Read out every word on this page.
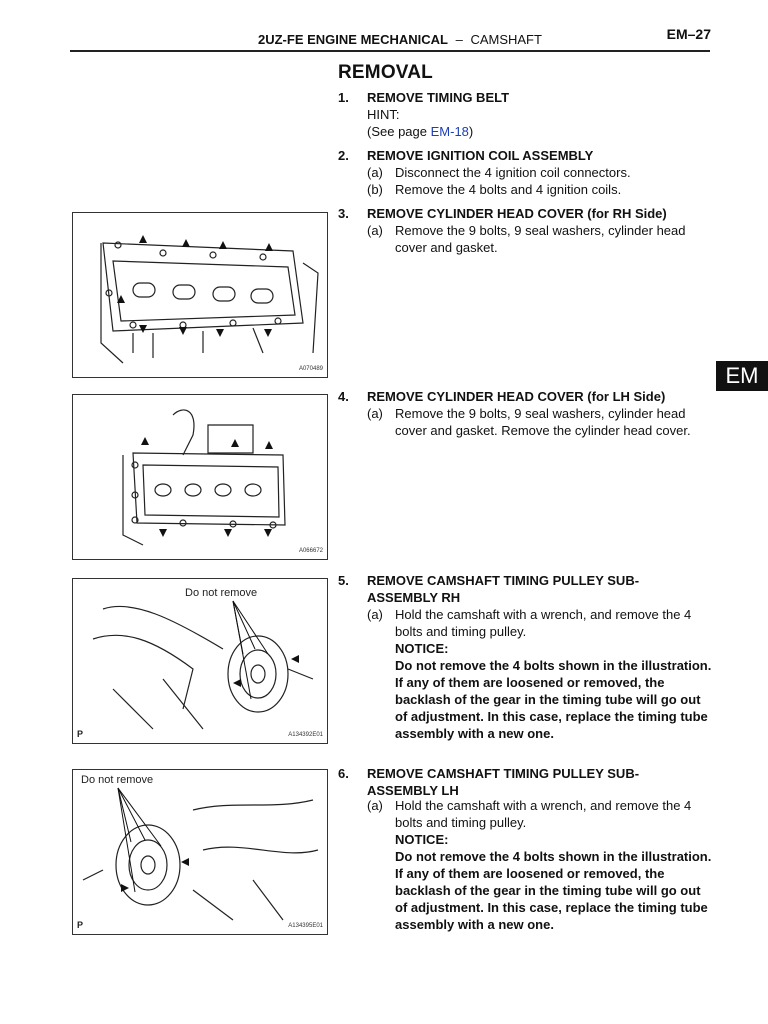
2UZ-FE ENGINE MECHANICAL – CAMSHAFT	EM–27
EM
REMOVAL
1. REMOVE TIMING BELT
HINT:
(See page EM-18)
2. REMOVE IGNITION COIL ASSEMBLY
(a) Disconnect the 4 ignition coil connectors.
(b) Remove the 4 bolts and 4 ignition coils.
3. REMOVE CYLINDER HEAD COVER (for RH Side)
(a) Remove the 9 bolts, 9 seal washers, cylinder head cover and gasket.
4. REMOVE CYLINDER HEAD COVER (for LH Side)
(a) Remove the 9 bolts, 9 seal washers, cylinder head cover and gasket. Remove the cylinder head cover.
5. REMOVE CAMSHAFT TIMING PULLEY SUB-
ASSEMBLY RH
(a) Hold the camshaft with a wrench, and remove the 4 bolts and timing pulley.
NOTICE:
Do not remove the 4 bolts shown in the illustration. If any of them are loosened or removed, the backlash of the gear in the timing tube will go out of adjustment. In this case, replace the timing tube assembly with a new one.
6. REMOVE CAMSHAFT TIMING PULLEY SUB-
ASSEMBLY LH
(a) Hold the camshaft with a wrench, and remove the 4 bolts and timing pulley.
NOTICE:
Do not remove the 4 bolts shown in the illustration. If any of them are loosened or removed, the backlash of the gear in the timing tube will go out of adjustment. In this case, replace the timing tube assembly with a new one.
A070489
A066672
Do not remove
P	A134392E01
Do not remove
P	A134395E01
